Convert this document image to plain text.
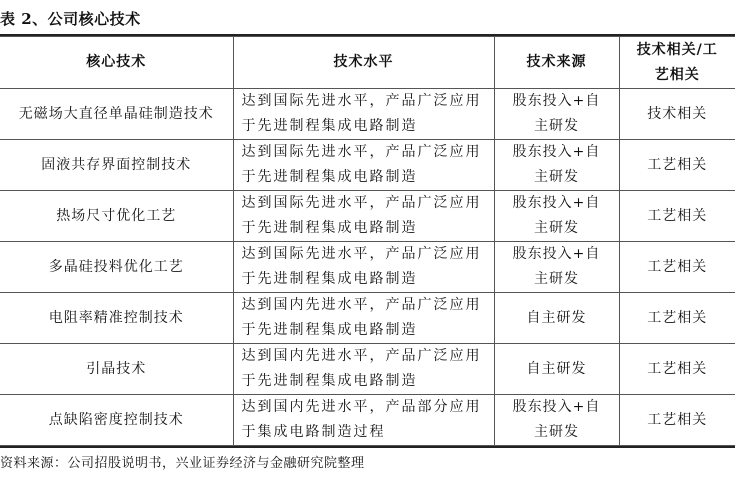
表 2、公司核心技术
核心技术	技术水平	技术来源	技术相关/工艺相关
无磁场大直径单晶硅制造技术	达到国际先进水平，产品广泛应用于先进制程集成电路制造	股东投入+自主研发	技术相关
固液共存界面控制技术	达到国际先进水平，产品广泛应用于先进制程集成电路制造	股东投入+自主研发	工艺相关
热场尺寸优化工艺	达到国际先进水平，产品广泛应用于先进制程集成电路制造	股东投入+自主研发	工艺相关
多晶硅投料优化工艺	达到国际先进水平，产品广泛应用于先进制程集成电路制造	股东投入+自主研发	工艺相关
电阻率精准控制技术	达到国内先进水平，产品广泛应用于先进制程集成电路制造	自主研发	工艺相关
引晶技术	达到国内先进水平，产品广泛应用于先进制程集成电路制造	自主研发	工艺相关
点缺陷密度控制技术	达到国内先进水平，产品部分应用于集成电路制造过程	股东投入+自主研发	工艺相关
资料来源：公司招股说明书，兴业证券经济与金融研究院整理
